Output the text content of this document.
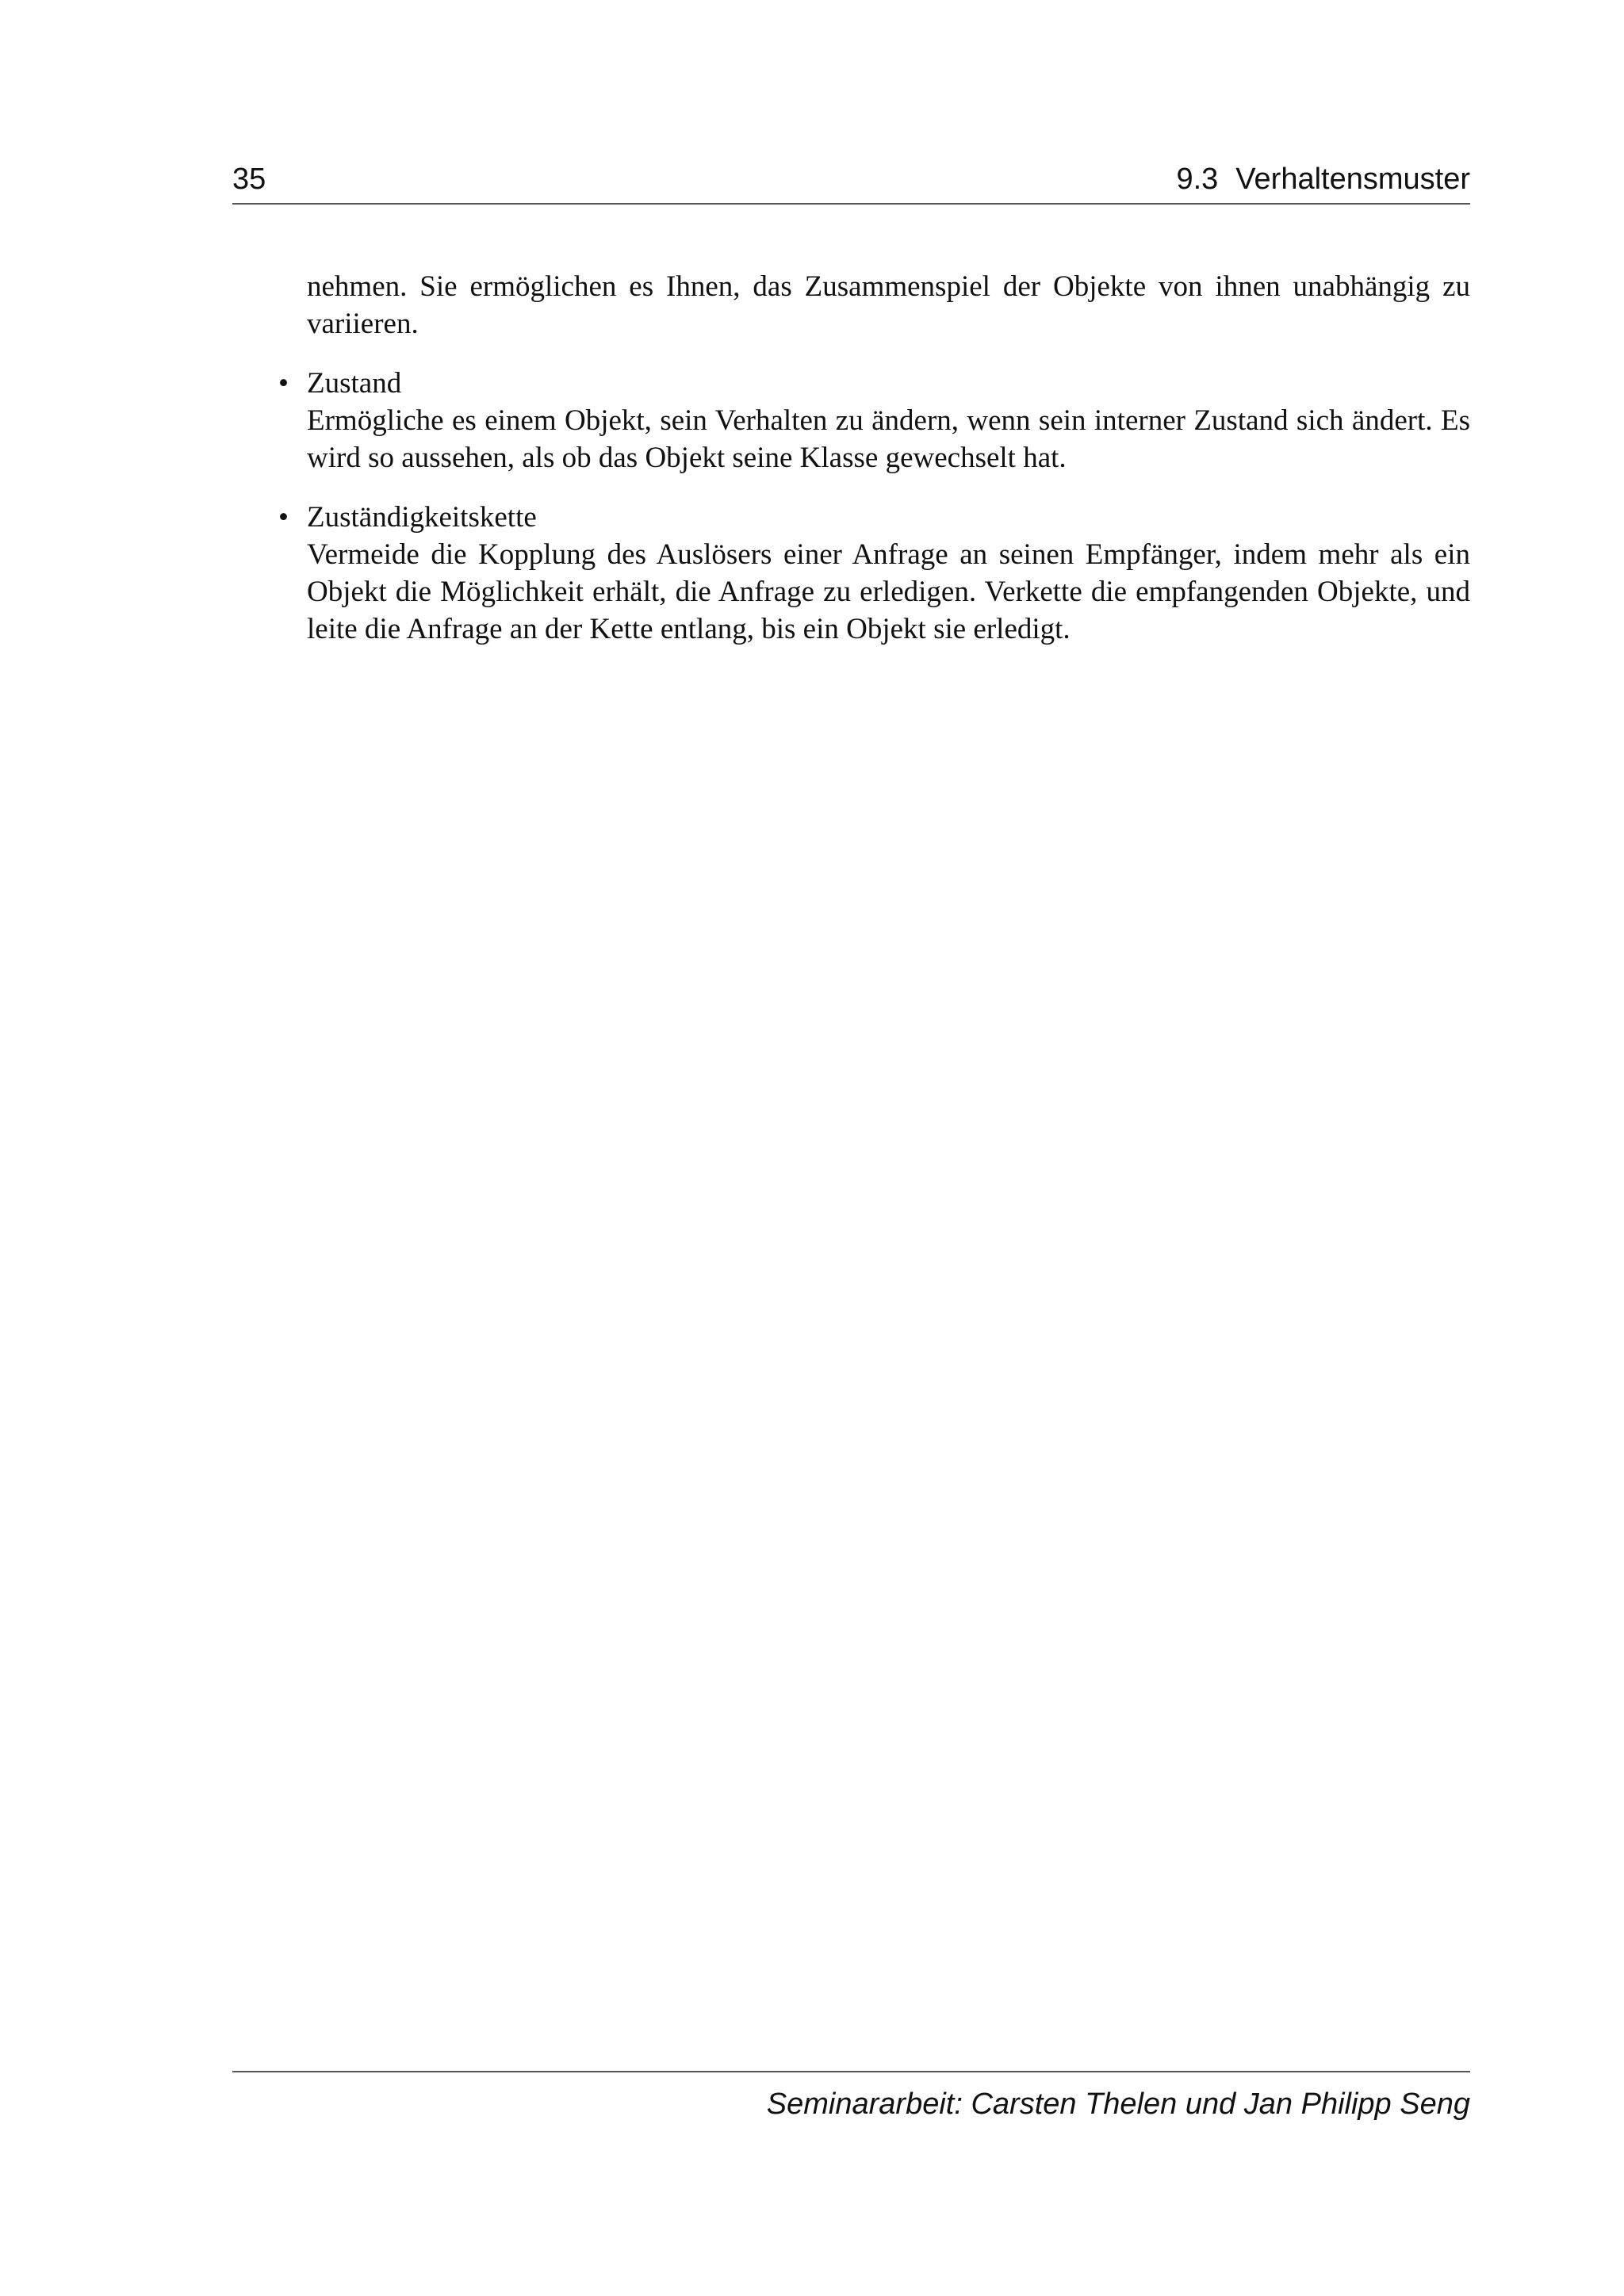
35	9.3 Verhaltensmuster

nehmen. Sie ermöglichen es Ihnen, das Zusammenspiel der Objekte von ihnen unabhängig zu variieren.

• Zustand
Ermögliche es einem Objekt, sein Verhalten zu ändern, wenn sein interner Zustand sich ändert. Es wird so aussehen, als ob das Objekt seine Klasse gewechselt hat.
• Zuständigkeitskette
Vermeide die Kopplung des Auslösers einer Anfrage an seinen Empfänger, indem mehr als ein Objekt die Möglichkeit erhält, die Anfrage zu erledigen. Verkette die empfangenden Objekte, und leite die Anfrage an der Kette entlang, bis ein Objekt sie erledigt.
Seminararbeit: Carsten Thelen und Jan Philipp Seng
